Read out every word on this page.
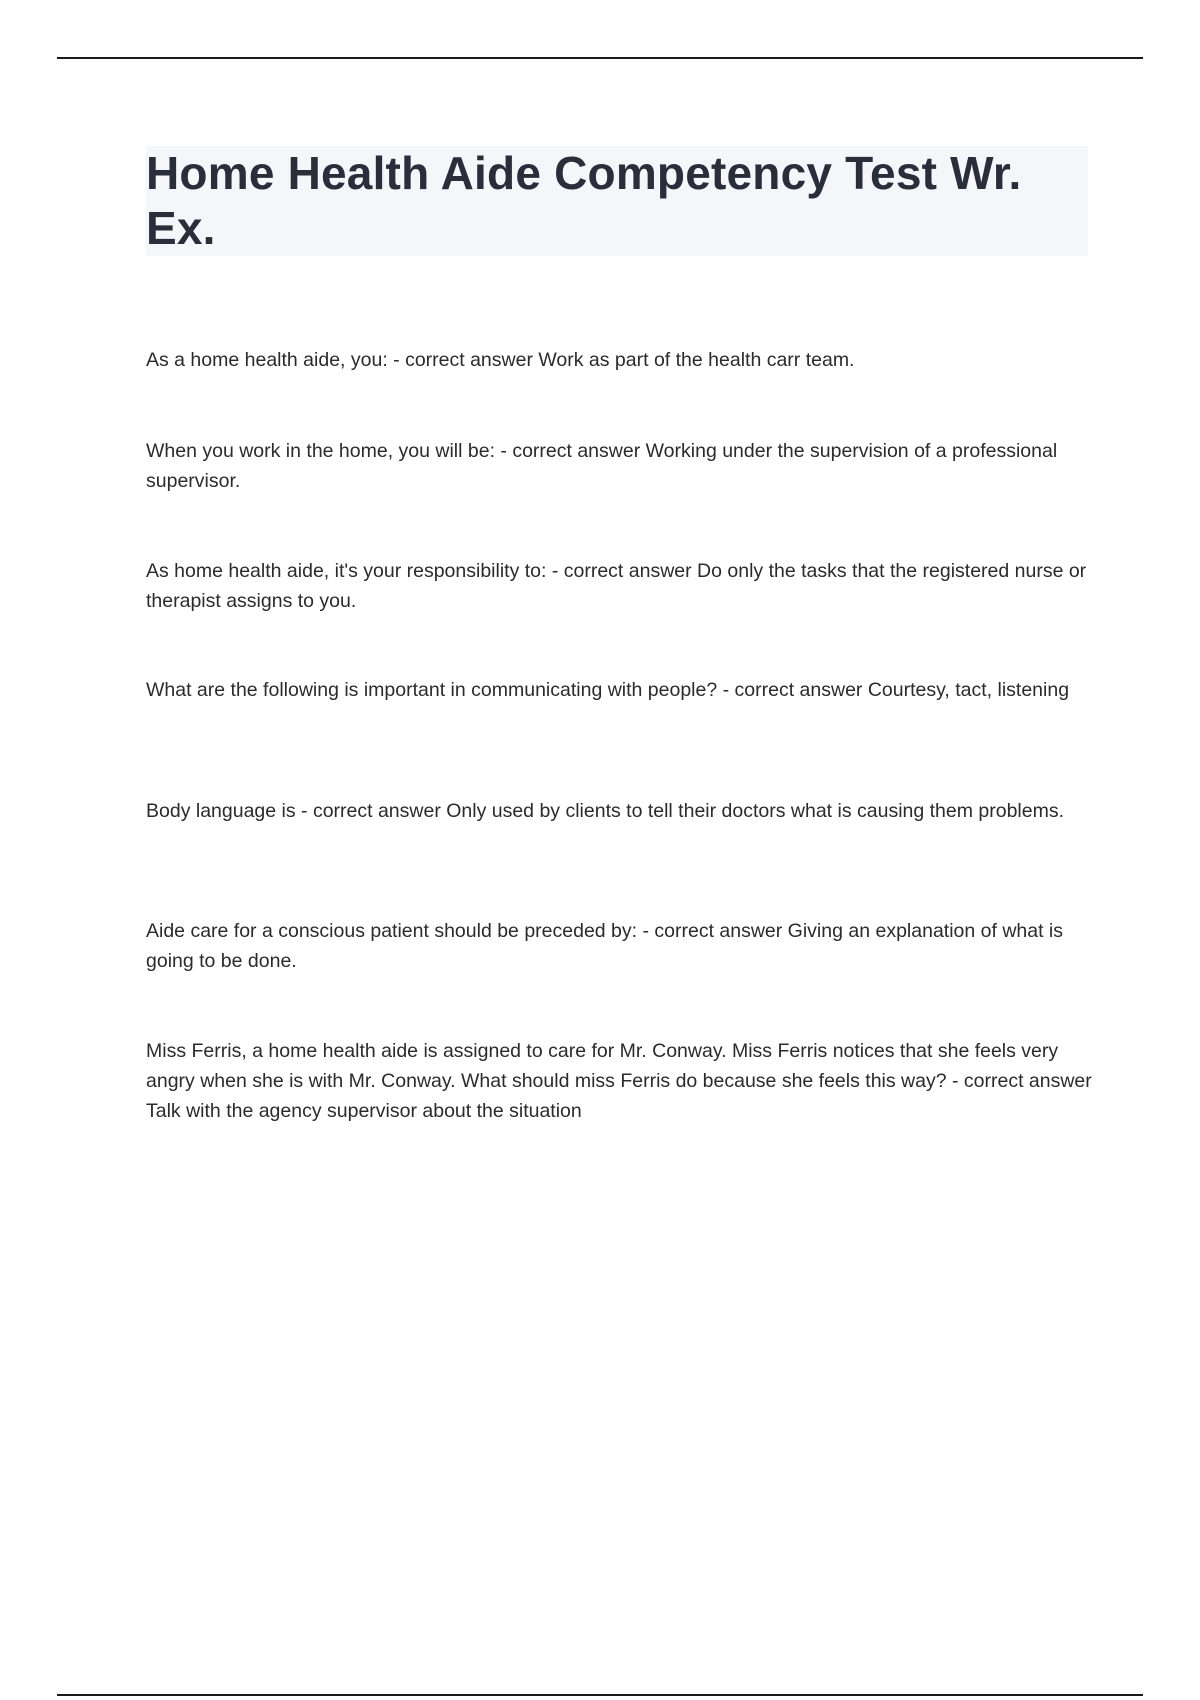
Home Health Aide Competency Test Wr. Ex.
As a home health aide, you: - correct answer Work as part of the health carr team.
When you work in the home, you will be: - correct answer Working under the supervision of a professional supervisor.
As home health aide, it's your responsibility to: - correct answer Do only the tasks that the registered nurse or therapist assigns to you.
What are the following is important in communicating with people? - correct answer Courtesy, tact, listening
Body language is - correct answer Only used by clients to tell their doctors what is causing them problems.
Aide care for a conscious patient should be preceded by: - correct answer Giving an explanation of what is going to be done.
Miss Ferris, a home health aide is assigned to care for Mr. Conway. Miss Ferris notices that she feels very angry when she is with Mr. Conway. What should miss Ferris do because she feels this way? - correct answer Talk with the agency supervisor about the situation
